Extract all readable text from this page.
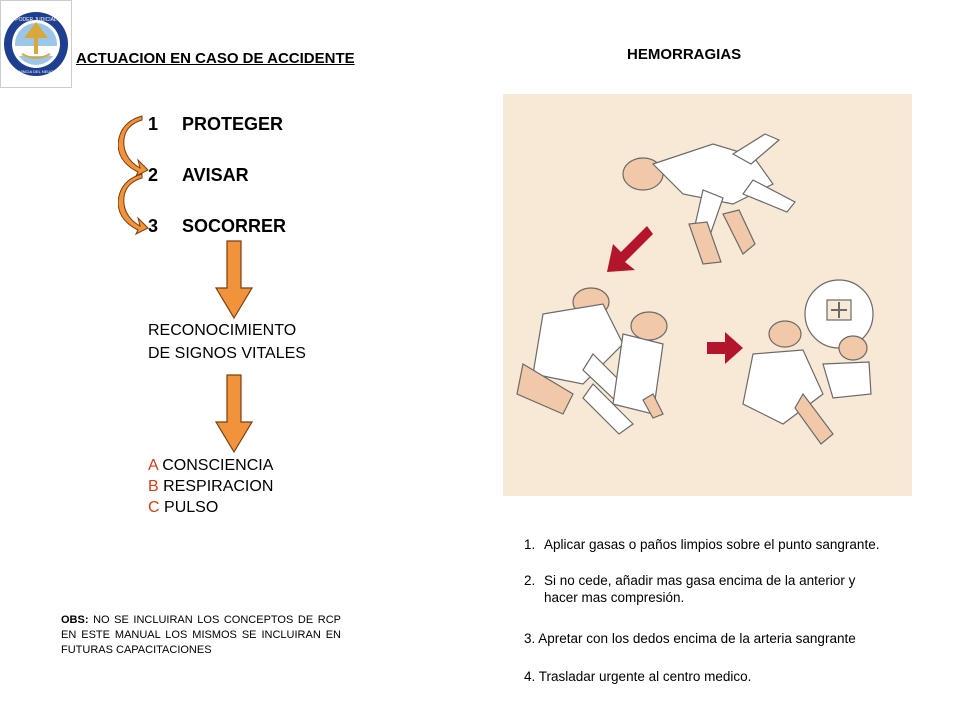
PODER JUDICIAL
PROVINCIA DEL NEUQUEN
ACTUACION EN CASO DE ACCIDENTE	HEMORRAGIAS
1 PROTEGER
2 AVISAR
3 SOCORRER
RECONOCIMIENTO
DE SIGNOS VITALES
A CONSCIENCIA
B RESPIRACION
C PULSO
OBS: NO SE INCLUIRAN LOS CONCEPTOS DE RCP EN ESTE MANUAL LOS MISMOS SE INCLUIRAN EN FUTURAS CAPACITACIONES
1. Aplicar gasas o paños limpios sobre el punto sangrante.
2. Si no cede, añadir mas gasa encima de la anterior y
hacer mas compresión.
3. Apretar con los dedos encima de la arteria sangrante
4. Trasladar urgente al centro medico.
